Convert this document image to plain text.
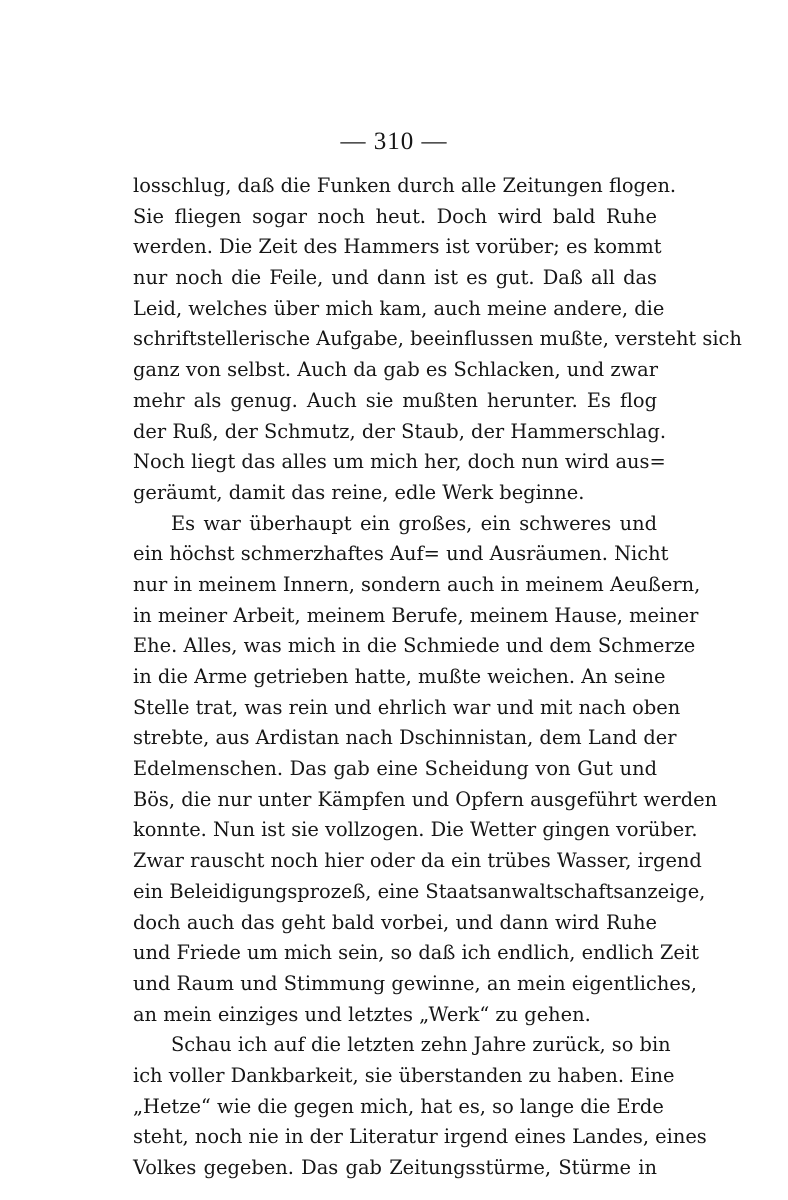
— 310 —
losschlug, daß die Funken durch alle Zeitungen flogen.
Sie fliegen sogar noch heut. Doch wird bald Ruhe
werden. Die Zeit des Hammers ist vorüber; es kommt
nur noch die Feile, und dann ist es gut. Daß all das
Leid, welches über mich kam, auch meine andere, die
schriftstellerische Aufgabe, beeinflussen mußte, versteht sich
ganz von selbst. Auch da gab es Schlacken, und zwar
mehr als genug. Auch sie mußten herunter. Es flog
der Ruß, der Schmutz, der Staub, der Hammerschlag.
Noch liegt das alles um mich her, doch nun wird aus=
geräumt, damit das reine, edle Werk beginne.
Es war überhaupt ein großes, ein schweres und
ein höchst schmerzhaftes Auf= und Ausräumen. Nicht
nur in meinem Innern, sondern auch in meinem Aeußern,
in meiner Arbeit, meinem Berufe, meinem Hause, meiner
Ehe. Alles, was mich in die Schmiede und dem Schmerze
in die Arme getrieben hatte, mußte weichen. An seine
Stelle trat, was rein und ehrlich war und mit nach oben
strebte, aus Ardistan nach Dschinnistan, dem Land der
Edelmenschen. Das gab eine Scheidung von Gut und
Bös, die nur unter Kämpfen und Opfern ausgeführt werden
konnte. Nun ist sie vollzogen. Die Wetter gingen vorüber.
Zwar rauscht noch hier oder da ein trübes Wasser, irgend
ein Beleidigungsprozeß, eine Staatsanwaltschaftsanzeige,
doch auch das geht bald vorbei, und dann wird Ruhe
und Friede um mich sein, so daß ich endlich, endlich Zeit
und Raum und Stimmung gewinne, an mein eigentliches,
an mein einziges und letztes „Werk“ zu gehen.
Schau ich auf die letzten zehn Jahre zurück, so bin
ich voller Dankbarkeit, sie überstanden zu haben. Eine
„Hetze“ wie die gegen mich, hat es, so lange die Erde
steht, noch nie in der Literatur irgend eines Landes, eines
Volkes gegeben. Das gab Zeitungsstürme, Stürme in
